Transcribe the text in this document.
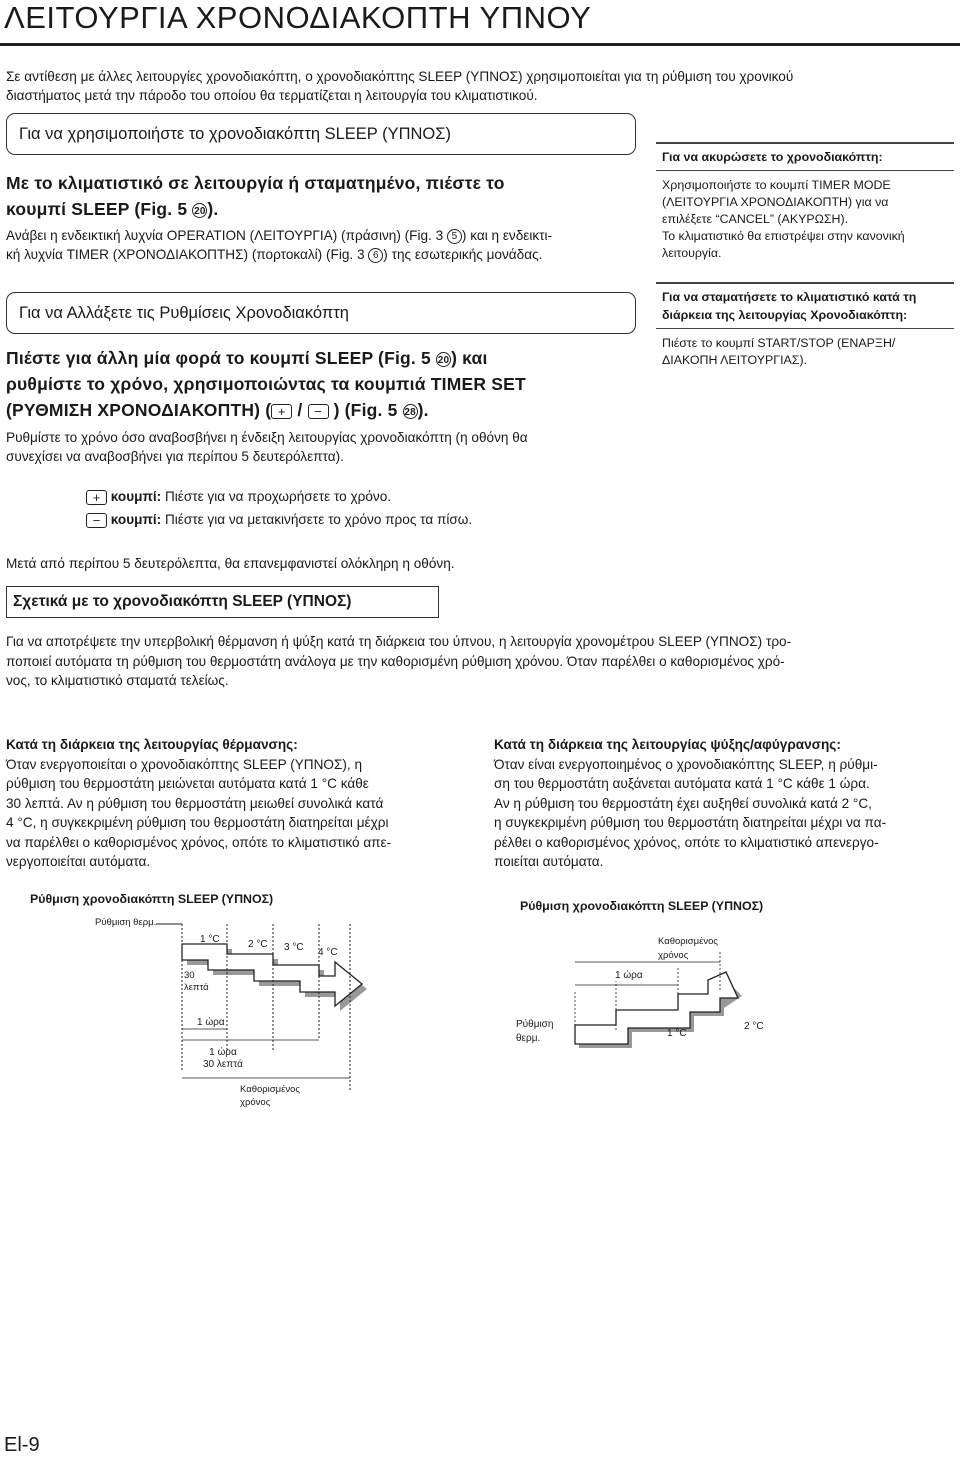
ΛΕΙΤΟΥΡΓΙΑ ΧΡΟΝΟΔΙΑΚΟΠΤΗ ΥΠΝΟΥ
Σε αντίθεση με άλλες λειτουργίες χρονοδιακόπτη, ο χρονοδιακόπτης SLEEP (ΥΠΝΟΣ) χρησιμοποιείται για τη ρύθμιση του χρονικού
διαστήματος μετά την πάροδο του οποίου θα τερματίζεται η λειτουργία του κλιματιστικού.
Για να χρησιμοποιήστε το χρονοδιακόπτη SLEEP (ΥΠΝΟΣ)
Με το κλιματιστικό σε λειτουργία ή σταματημένο, πιέστε το
κουμπί SLEEP (Fig. 5 20).
Ανάβει η ενδεικτική λυχνία OPERATION (ΛΕΙΤΟΥΡΓΙΑ) (πράσινη) (Fig. 3 5 ) και η ενδεικτι-
κή λυχνία TIMER (ΧΡΟΝΟΔΙΑΚΟΠΤΗΣ) (πορτοκαλί) (Fig. 3 6 ) της εσωτερικής μονάδας.
Για να Αλλάξετε τις Ρυθμίσεις Χρονοδιακόπτη
Πιέστε για άλλη μία φορά το κουμπί SLEEP (Fig. 5 20) και
ρυθμίστε το χρόνο, χρησιμοποιώντας τα κουμπιά TIMER SET
(ΡΥΘΜΙΣΗ ΧΡΟΝΟΔΙΑΚΟΠΤΗ) ( + / − ) (Fig. 5 28).
Ρυθμίστε το χρόνο όσο αναβοσβήνει η ένδειξη λειτουργίας χρονοδιακόπτη (η οθόνη θα
συνεχίσει να αναβοσβήνει για περίπου 5 δευτερόλεπτα).
+ κουμπί: Πιέστε για να προχωρήσετε το χρόνο.
− κουμπί: Πιέστε για να μετακινήσετε το χρόνο προς τα πίσω.
Μετά από περίπου 5 δευτερόλεπτα, θα επανεμφανιστεί ολόκληρη η οθόνη.
Για να ακυρώσετε το χρονοδιακόπτη:
Χρησιμοποιήστε το κουμπί TIMER MODE
(ΛΕΙΤΟΥΡΓΙΑ ΧΡΟΝΟΔΙΑΚΟΠΤΗ) για να
επιλέξετε “CANCEL” (ΑΚΥΡΩΣΗ).
Το κλιματιστικό θα επιστρέψει στην κανονική
λειτουργία.
Για να σταματήσετε το κλιματιστικό κατά τη
διάρκεια της λειτουργίας Χρονοδιακόπτη:
Πιέστε το κουμπί START/STOP (ΕΝΑΡΞΗ/
ΔΙΑΚΟΠΗ ΛΕΙΤΟΥΡΓΙΑΣ).
Σχετικά με το χρονοδιακόπτη SLEEP (ΥΠΝΟΣ)
Για να αποτρέψετε την υπερβολική θέρμανση ή ψύξη κατά τη διάρκεια του ύπνου, η λειτουργία χρονομέτρου SLEEP (ΥΠΝΟΣ) τρο-
ποποιεί αυτόματα τη ρύθμιση του θερμοστάτη ανάλογα με την καθορισμένη ρύθμιση χρόνου. Όταν παρέλθει ο καθορισμένος χρό-
νος, το κλιματιστικό σταματά τελείως.
Κατά τη διάρκεια της λειτουργίας θέρμανσης:
Όταν ενεργοποιείται ο χρονοδιακόπτης SLEEP (ΥΠΝΟΣ), η
ρύθμιση του θερμοστάτη μειώνεται αυτόματα κατά 1 °C κάθε
30 λεπτά. Αν η ρύθμιση του θερμοστάτη μειωθεί συνολικά κατά
4 °C, η συγκεκριμένη ρύθμιση του θερμοστάτη διατηρείται μέχρι
να παρέλθει ο καθορισμένος χρόνος, οπότε το κλιματιστικό απε-
νεργοποιείται αυτόματα.
Κατά τη διάρκεια της λειτουργίας ψύξης/αφύγρανσης:
Όταν είναι ενεργοποιημένος ο χρονοδιακόπτης SLEEP, η ρύθμι-
ση του θερμοστάτη αυξάνεται αυτόματα κατά 1 °C κάθε 1 ώρα.
Αν η ρύθμιση του θερμοστάτη έχει αυξηθεί συνολικά κατά 2 °C,
η συγκεκριμένη ρύθμιση του θερμοστάτη διατηρείται μέχρι να πα-
ρέλθει ο καθορισμένος χρόνος, οπότε το κλιματιστικό απενεργο-
ποιείται αυτόματα.
Ρύθμιση χρονοδιακόπτη SLEEP (ΥΠΝΟΣ)
Ρύθμιση θερμ.
1 °C	2 °C 3 °C 4 °C
30
λεπτά
1 ώρα
1 ώρα
30 λεπτά
Καθορισμένος
χρόνος
Ρύθμιση χρονοδιακόπτη SLEEP (ΥΠΝΟΣ)
Καθορισμένος
χρόνος
1 ώρα
Ρύθμιση
θερμ.	1 °C
2 °C
El-9
